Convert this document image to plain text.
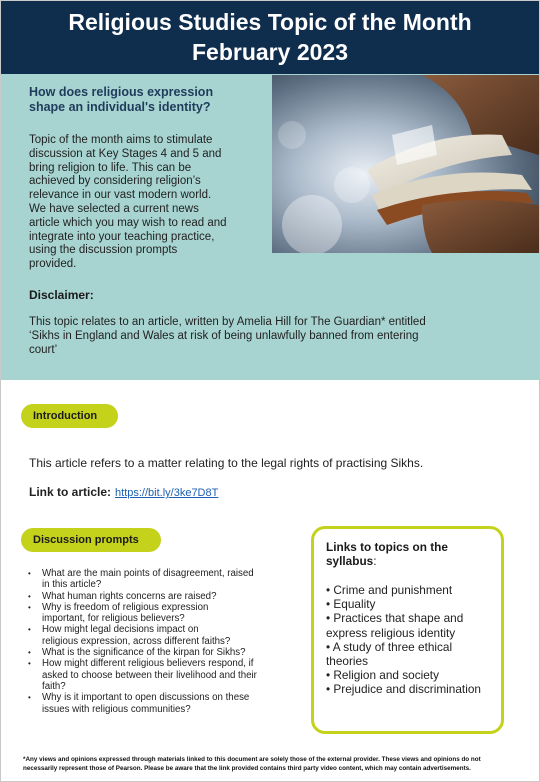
Religious Studies Topic of the Month
February 2023
How does religious expression
shape an individual's identity?
Topic of the month aims to stimulate
discussion at Key Stages 4 and 5 and
bring religion to life. This can be
achieved by considering religion’s
relevance in our vast modern world.
We have selected a current news
article which you may wish to read and
integrate into your teaching practice,
using the discussion prompts
provided.
Disclaimer:
This topic relates to an article, written by Amelia Hill for The Guardian* entitled
‘Sikhs in England and Wales at risk of being unlawfully banned from entering
court’
Introduction
This article refers to a matter relating to the legal rights of practising Sikhs.
Link to article: https://bit.ly/3ke7D8T
Discussion prompts
• What are the main points of disagreement, raised
in this article?
• What human rights concerns are raised?
• Why is freedom of religious expression
important, for religious believers?
• How might legal decisions impact on
religious expression, across different faiths?
• What is the significance of the kirpan for Sikhs?
• How might different religious believers respond, if
asked to choose between their livelihood and their
faith?
• Why is it important to open discussions on these
issues with religious communities?
Links to topics on the
syllabus:
• Crime and punishment
• Equality
• Practices that shape and
express religious identity
• A study of three ethical
theories
• Religion and society
• Prejudice and discrimination
*Any views and opinions expressed through materials linked to this document are solely those of the external provider. These views and opinions do not
necessarily represent those of Pearson. Please be aware that the link provided contains third party video content, which may contain advertisements.
